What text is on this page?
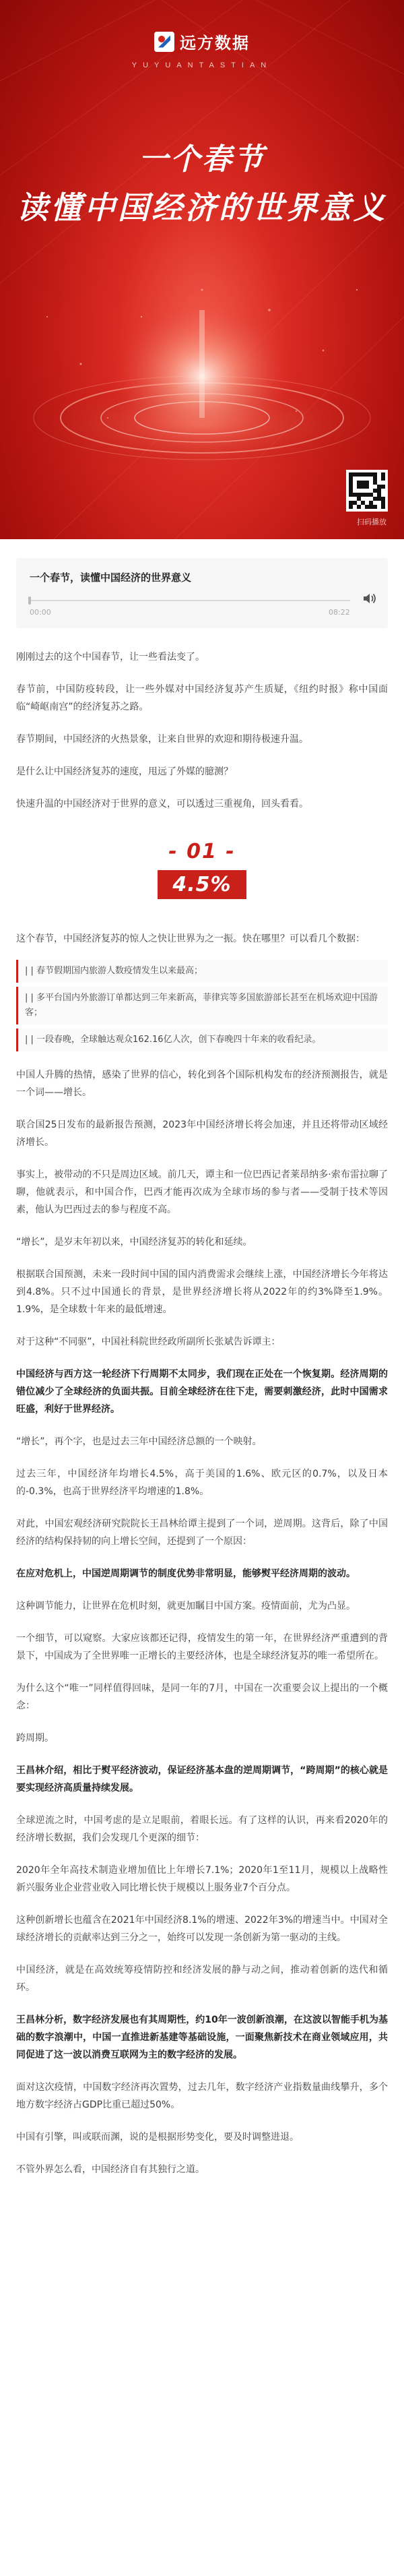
远方数据
YUYUANTASTIAN
一个春节
读懂中国经济的世界意义
扫码播放
一个春节，读懂中国经济的世界意义
00:00	08:22

刚刚过去的这个中国春节，让一些看法变了。

春节前，中国防疫转段，让一些外媒对中国经济复苏产生质疑，《纽约时报》称中国面临“崎岖南宫”的经济复苏之路。

春节期间，中国经济的火热景象，让来自世界的欢迎和期待极速升温。

是什么让中国经济复苏的速度，甩远了外媒的臆测？

快速升温的中国经济对于世界的意义，可以透过三重视角，回头看看。

- 01 -
4.5%

这个春节，中国经济复苏的惊人之快让世界为之一振。快在哪里？可以看几个数据：

| | 春节假期国内旅游人数疫情发生以来最高；
| | 多平台国内外旅游订单都达到三年来新高，菲律宾等多国旅游部长甚至在机场欢迎中国游客；
| | 一段春晚，全球触达观众162.16亿人次，创下春晚四十年来的收看纪录。

中国人升腾的热情，感染了世界的信心，转化到各个国际机构发布的经济预测报告，就是一个词——增长。

联合国25日发布的最新报告预测，2023年中国经济增长将会加速，并且还将带动区域经济增长。

事实上，被带动的不只是周边区域。前几天，谭主和一位巴西记者莱昂纳多·索布雷拉聊了聊，他就表示，和中国合作，巴西才能再次成为全球市场的参与者——受制于技术等因素，他认为巴西过去的参与程度不高。

“增长”，是岁末年初以来，中国经济复苏的转化和延续。

根据联合国预测，未来一段时间中国的国内消费需求会继续上涨，中国经济增长今年将达到4.8%。只不过中国通长的背景，是世界经济增长将从2022年的约3%降至1.9%。1.9%，是全球数十年来的最低增速。

对于这种“不同驱”，中国社科院世经政所副所长张斌告诉谭主：

中国经济与西方这一轮经济下行周期不太同步，我们现在正处在一个恢复期。经济周期的错位减少了全球经济的负面共振。目前全球经济在往下走，需要刺激经济，此时中国需求旺盛，利好于世界经济。

“增长”，再个字，也是过去三年中国经济总额的一个映射。

过去三年，中国经济年均增长4.5%，高于美国的1.6%、欧元区的0.7%，以及日本的-0.3%，也高于世界经济平均增速的1.8%。

对此，中国宏观经济研究院院长王昌林给谭主提到了一个词，逆周期。这背后，除了中国经济的结构保持韧的向上增长空间，还提到了一个原因：

在应对危机上，中国逆周期调节的制度优势非常明显，能够熨平经济周期的波动。

这种调节能力，让世界在危机时刻，就更加瞩目中国方案。疫情面前，尤为凸显。

一个细节，可以窥察。大家应该都还记得，疫情发生的第一年，在世界经济严重遭到的背景下，中国成为了全世界唯一正增长的主要经济体，也是全球经济复苏的唯一希望所在。

为什么这个“唯一”同样值得回味，是同一年的7月，中国在一次重要会议上提出的一个概念：

跨周期。

王昌林介绍，相比于熨平经济波动，保证经济基本盘的逆周期调节，“跨周期”的核心就是要实现经济高质量持续发展。

全球逆流之时，中国考虑的是立足眼前，着眼长远。有了这样的认识，再来看2020年的经济增长数据，我们会发现几个更深的细节：

2020年全年高技术制造业增加值比上年增长7.1%；2020年1至11月，规模以上战略性新兴服务业企业营业收入同比增长快于规模以上服务业7个百分点。

这种创新增长也蕴含在2021年中国经济8.1%的增速、2022年3%的增速当中。中国对全球经济增长的贡献率达到三分之一，始终可以发现一条创新为第一驱动的主线。

中国经济，就是在高效统筹疫情防控和经济发展的静与动之间，推动着创新的迭代和循环。

王昌林分析，数字经济发展也有其周期性，约10年一波创新浪潮，在这波以智能手机为基础的数字浪潮中，中国一直推进新基建等基础设施，一面聚焦新技术在商业领域应用，共同促进了这一波以消费互联网为主的数字经济的发展。

面对这次疫情，中国数字经济再次置势，过去几年，数字经济产业指数量曲线攀升，多个地方数字经济占GDP比重已超过50%。

中国有引擎，叫或联而渊，说的是根据形势变化，要及时调整进退。

不管外界怎么看，中国经济自有其独行之道。
